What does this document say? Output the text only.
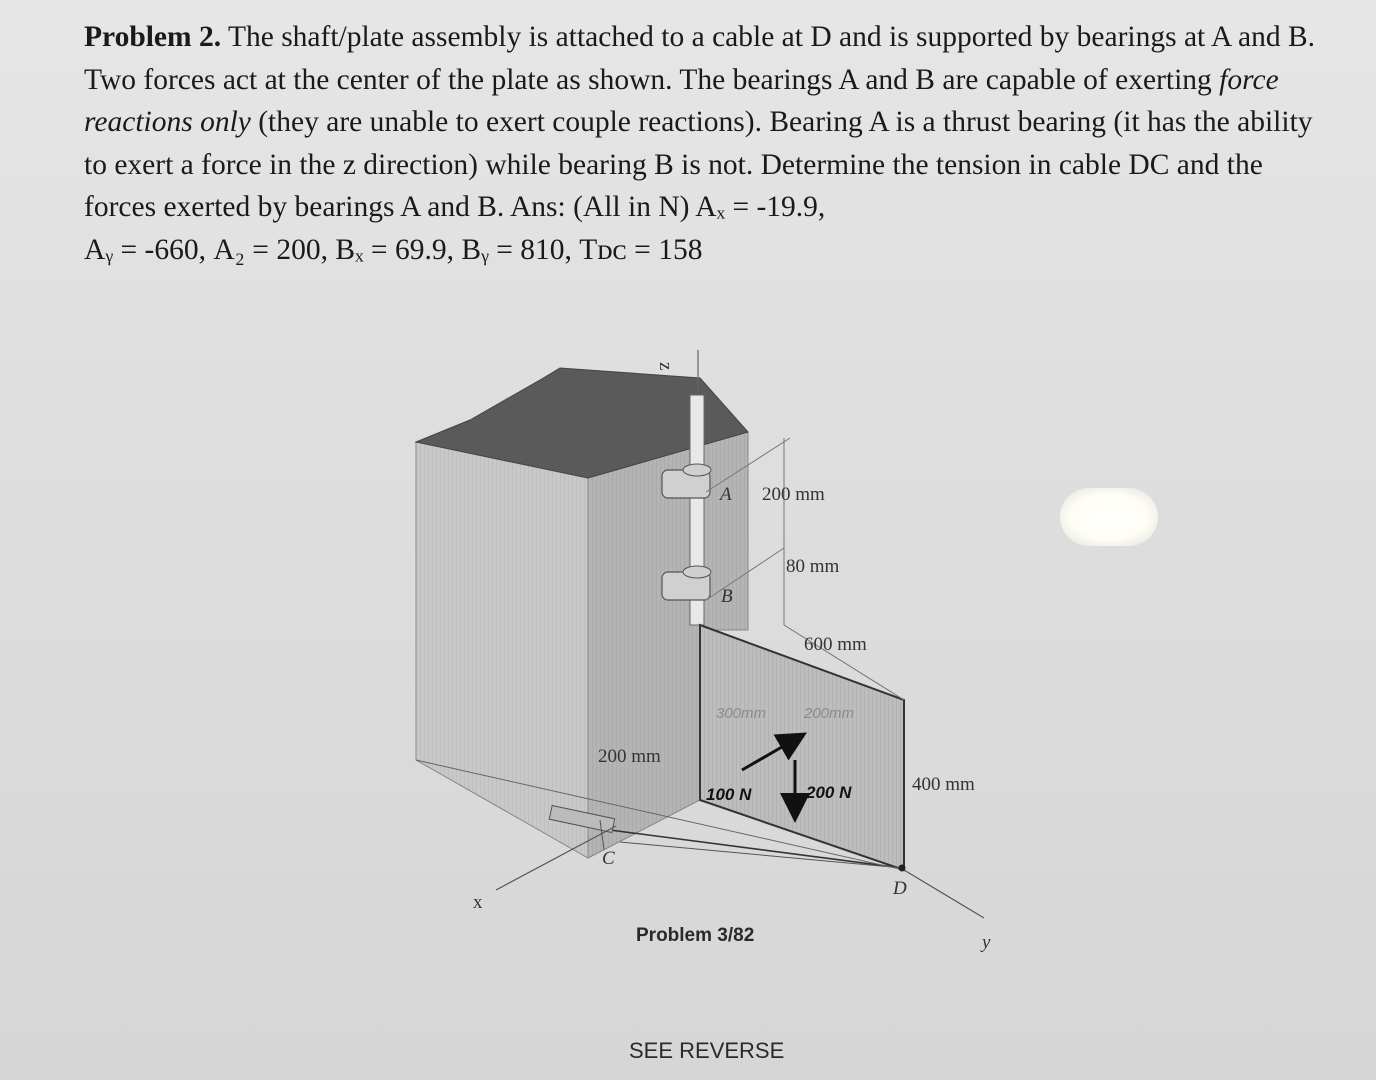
Problem 2. The shaft/plate assembly is attached to a cable at D and is supported by bearings at A and B. Two forces act at the center of the plate as shown. The bearings A and B are capable of exerting force reactions only (they are unable to exert couple reactions). Bearing A is a thrust bearing (it has the ability to exert a force in the z direction) while bearing B is not. Determine the tension in cable DC and the forces exerted by bearings A and B. Ans: (All in N) Aₓ = -19.9,
Aᵧ = -660, A₂ = 200, Bₓ = 69.9, Bᵧ = 810, Tᴅᴄ = 158

z
A
B
C
D
x
y
200 mm
80 mm
600 mm
300mm	200mm
200 mm
400 mm
100 N	200 N
Problem 3/82
SEE REVERSE
